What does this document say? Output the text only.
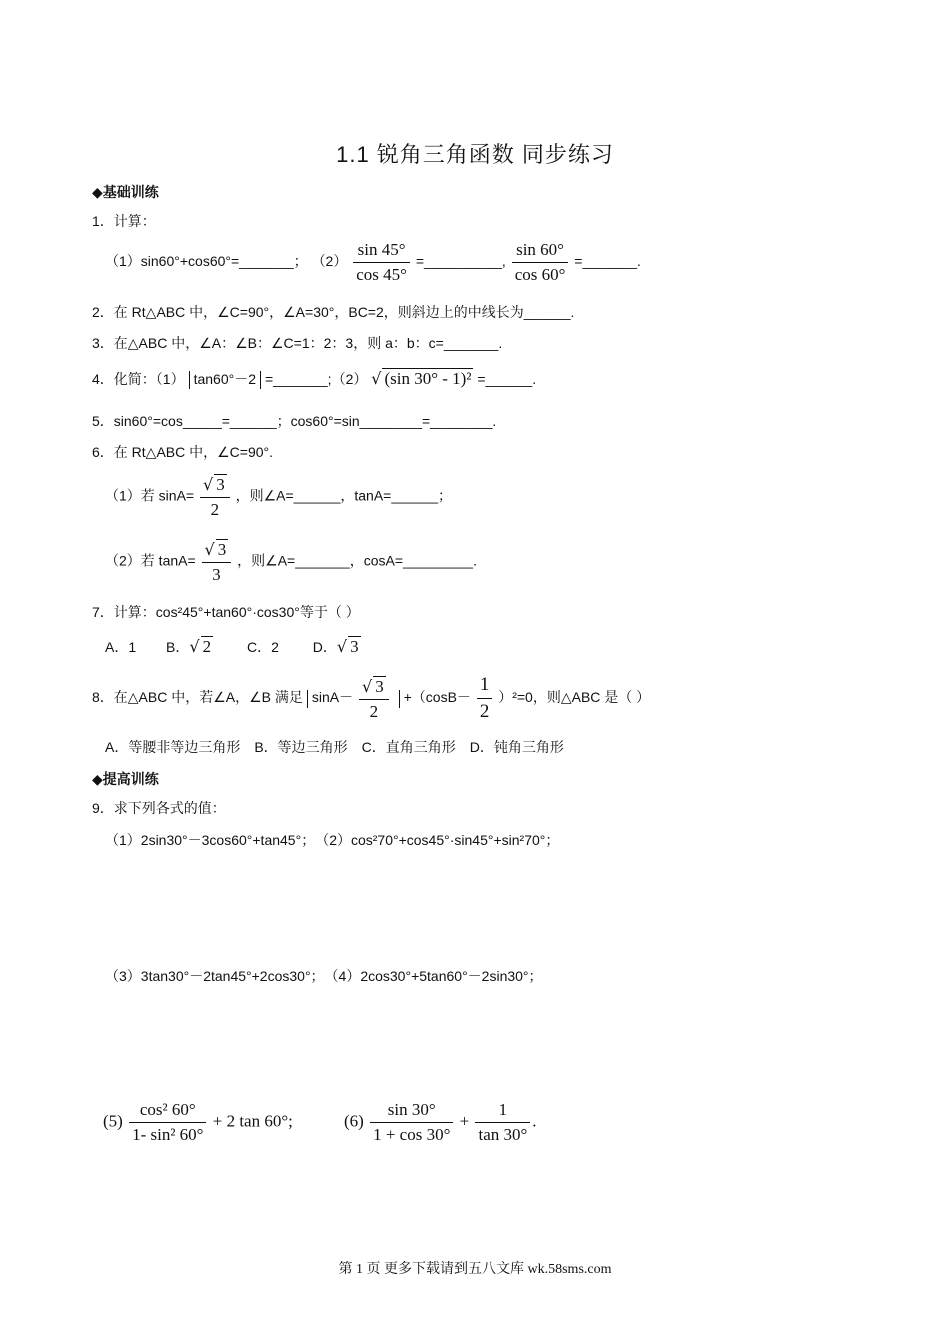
1.1 锐角三角函数 同步练习
◆基础训练
1．计算：
（1）sin60°+cos60°=_______； $(2) \frac{\sin 45^\circ}{\cos 45^\circ}$ =__________, $\frac{\sin 60^\circ}{\cos 60^\circ}$ =_______.
2．在 Rt△ABC 中，∠C=90°，∠A=30°，BC=2，则斜边上的中线长为______.
3．在△ABC 中，∠A：∠B：∠C=1：2：3，则 a：b：c=_______.
4．化简：（1） tan60°－2 =_______;（2） √ (sin 30° - 1)² =______.
5．sin60°=cos_____=______；cos60°=sin________=________.
6．在 Rt△ABC 中，∠C=90°.
（1）若 $\sin A= \frac{√ 3}{2}$ ，则∠A=______，tanA=______；
（2）若 $\tan A= \frac{√ 3}{3}$ ，则∠A=_______，cosA=_________.
7．计算：cos²45°+tan60°·cos30°等于（ ）
A．1 B．√ 2	C．2 D．√ 3
8．在△ABC 中，若∠A，∠B 满足 $\sin A- \frac{√ 3}{2} +(\cos B- \frac{1}{2} )^2=0$，则△ABC 是（ ）
A．等腰非等边三角形　B．等边三角形　C．直角三角形　D．钝角三角形
◆提高训练
9．求下列各式的值：
（1）2sin30°－3cos60°+tan45°；　（2）cos²70°+cos45°·sin45°+sin²70°；
（3）3tan30°－2tan45°+2cos30°；　（4）2cos30°+5tan60°－2sin30°；
$(5) \frac{\text{cos² 60°}}{\text{1- sin² 60°}} + 2$ tan 60°;	$(6) \frac{\sin 30^\circ}{1 + \cos 30^\circ} + \frac{1}{\tan 30^\circ}$ .
第 1 页 更多下载请到五八文库 wk.58sms.com
